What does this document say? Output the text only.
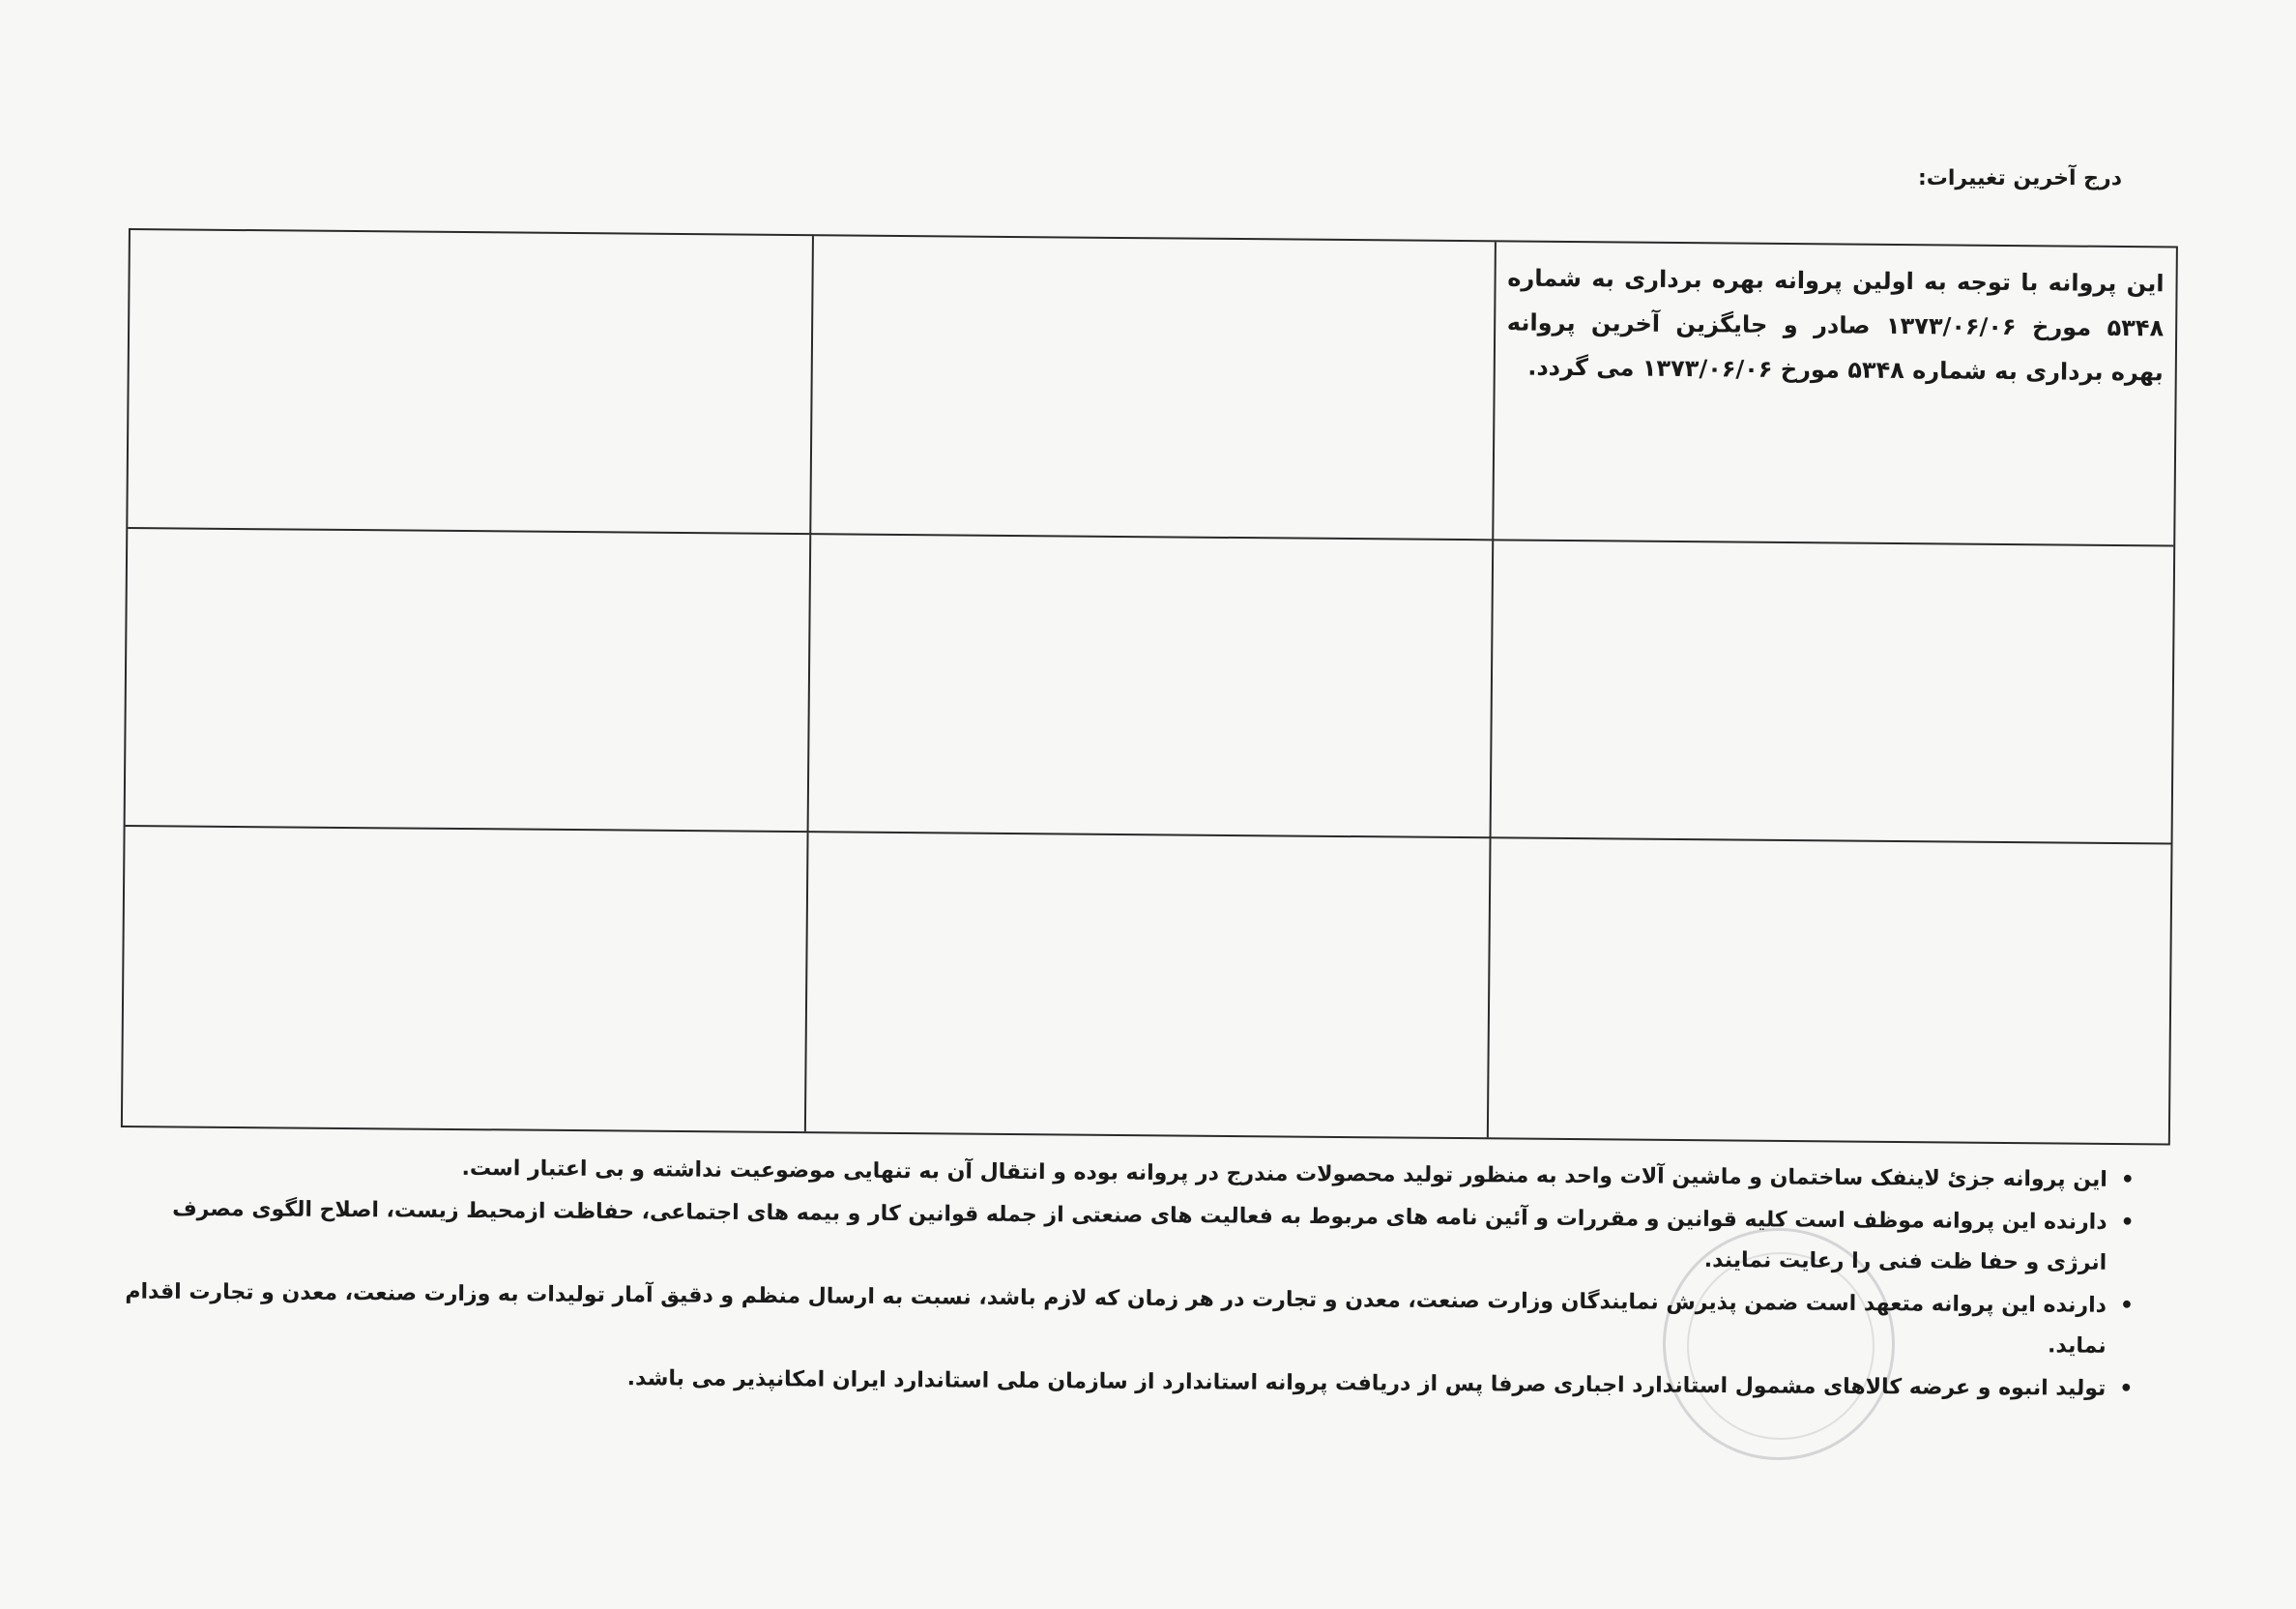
درج آخرین تغییرات:
این پروانه با توجه به اولین پروانه بهره برداری به شماره ۵۳۴۸ مورخ ۱۳۷۳/۰۶/۰۶ صادر و جایگزین آخرین پروانه بهره برداری به شماره ۵۳۴۸ مورخ ۱۳۷۳/۰۶/۰۶ می گردد.
• این پروانه جزئ لاینفک ساختمان و ماشین آلات واحد به منظور تولید محصولات مندرج در پروانه بوده و انتقال آن به تنهایی موضوعیت نداشته و بی اعتبار است.
• دارنده این پروانه موظف است کلیه قوانین و مقررات و آئین نامه های مربوط به فعالیت های صنعتی از جمله قوانین کار و بیمه های اجتماعی، حفاظت ازمحیط زیست، اصلاح الگوی مصرف انرژی و حفا ظت فنی را رعایت نمایند.
• دارنده این پروانه متعهد است ضمن پذیرش نمایندگان وزارت صنعت، معدن و تجارت در هر زمان که لازم باشد، نسبت به ارسال منظم و دقیق آمار تولیدات به وزارت صنعت، معدن و تجارت اقدام نماید.
• تولید انبوه و عرضه کالاهای مشمول استاندارد اجباری صرفا پس از دریافت پروانه استاندارد از سازمان ملی استاندارد ایران امکانپذیر می باشد.
